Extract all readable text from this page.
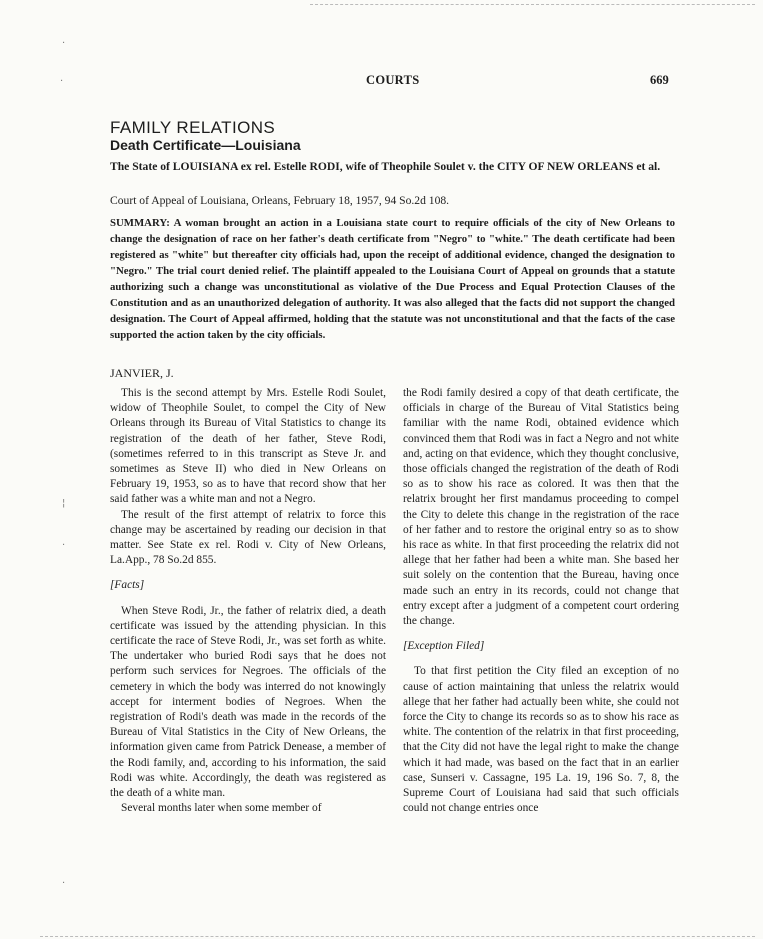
·
·
¦
·
·
COURTS	669
FAMILY RELATIONS
Death Certificate—Louisiana
The State of LOUISIANA ex rel. Estelle RODI, wife of Theophile Soulet v. the CITY OF NEW ORLEANS et al.
Court of Appeal of Louisiana, Orleans, February 18, 1957, 94 So.2d 108.
SUMMARY: A woman brought an action in a Louisiana state court to require officials of the city of New Orleans to change the designation of race on her father's death certificate from "Negro" to "white." The death certificate had been registered as "white" but thereafter city officials had, upon the receipt of additional evidence, changed the designation to "Negro." The trial court denied relief. The plaintiff appealed to the Louisiana Court of Appeal on grounds that a statute authorizing such a change was unconstitutional as violative of the Due Process and Equal Protection Clauses of the Constitution and as an unauthorized delegation of authority. It was also alleged that the facts did not support the changed designation. The Court of Appeal affirmed, holding that the statute was not unconstitutional and that the facts of the case supported the action taken by the city officials.
JANVIER, J.

This is the second attempt by Mrs. Estelle Rodi Soulet, widow of Theophile Soulet, to compel the City of New Orleans through its Bureau of Vital Statistics to change its registration of the death of her father, Steve Rodi, (sometimes referred to in this transcript as Steve Jr. and sometimes as Steve II) who died in New Orleans on February 19, 1953, so as to have that record show that her said father was a white man and not a Negro.

The result of the first attempt of relatrix to force this change may be ascertained by reading our decision in that matter. See State ex rel. Rodi v. City of New Orleans, La.App., 78 So.2d 855.

[Facts]

When Steve Rodi, Jr., the father of relatrix died, a death certificate was issued by the attending physician. In this certificate the race of Steve Rodi, Jr., was set forth as white. The undertaker who buried Rodi says that he does not perform such services for Negroes. The officials of the cemetery in which the body was interred do not knowingly accept for interment bodies of Negroes. When the registration of Rodi's death was made in the records of the Bureau of Vital Statistics in the City of New Orleans, the information given came from Patrick Denease, a member of the Rodi family, and, according to his information, the said Rodi was white. Accordingly, the death was registered as the death of a white man.

Several months later when some member of

the Rodi family desired a copy of that death certificate, the officials in charge of the Bureau of Vital Statistics being familiar with the name Rodi, obtained evidence which convinced them that Rodi was in fact a Negro and not white and, acting on that evidence, which they thought conclusive, those officials changed the registration of the death of Rodi so as to show his race as colored. It was then that the relatrix brought her first mandamus proceeding to compel the City to delete this change in the registration of the race of her father and to restore the original entry so as to show his race as white. In that first proceeding the relatrix did not allege that her father had been a white man. She based her suit solely on the contention that the Bureau, having once made such an entry in its records, could not change that entry except after a judgment of a competent court ordering the change.

[Exception Filed]

To that first petition the City filed an exception of no cause of action maintaining that unless the relatrix would allege that her father had actually been white, she could not force the City to change its records so as to show his race as white. The contention of the relatrix in that first proceeding, that the City did not have the legal right to make the change which it had made, was based on the fact that in an earlier case, Sunseri v. Cassagne, 195 La. 19, 196 So. 7, 8, the Supreme Court of Louisiana had said that such officials could not change entries once
